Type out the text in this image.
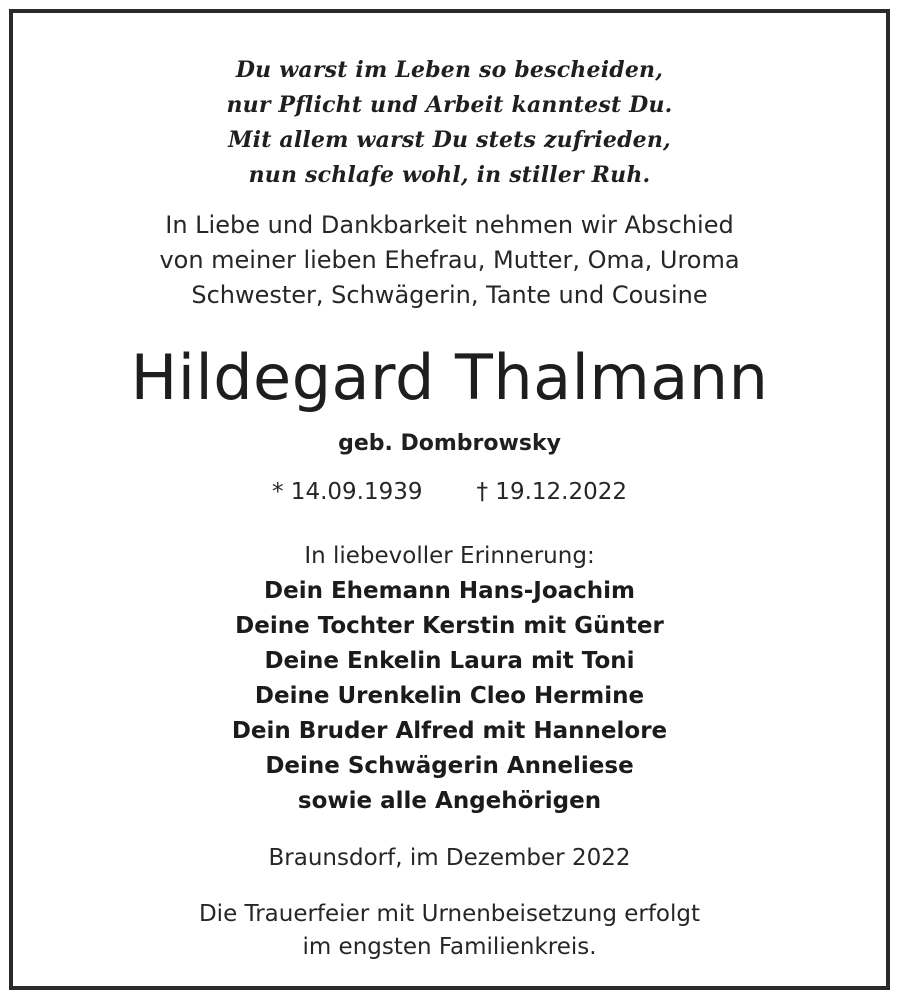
Du warst im Leben so bescheiden,
nur Pflicht und Arbeit kanntest Du.
Mit allem warst Du stets zufrieden,
nun schlafe wohl, in stiller Ruh.
In Liebe und Dankbarkeit nehmen wir Abschied
von meiner lieben Ehefrau, Mutter, Oma, Uroma
Schwester, Schwägerin, Tante und Cousine
Hildegard Thalmann
geb. Dombrowsky
* 14.09.1939 † 19.12.2022
In liebevoller Erinnerung:
Dein Ehemann Hans-Joachim
Deine Tochter Kerstin mit Günter
Deine Enkelin Laura mit Toni
Deine Urenkelin Cleo Hermine
Dein Bruder Alfred mit Hannelore
Deine Schwägerin Anneliese
sowie alle Angehörigen
Braunsdorf, im Dezember 2022
Die Trauerfeier mit Urnenbeisetzung erfolgt
im engsten Familienkreis.
